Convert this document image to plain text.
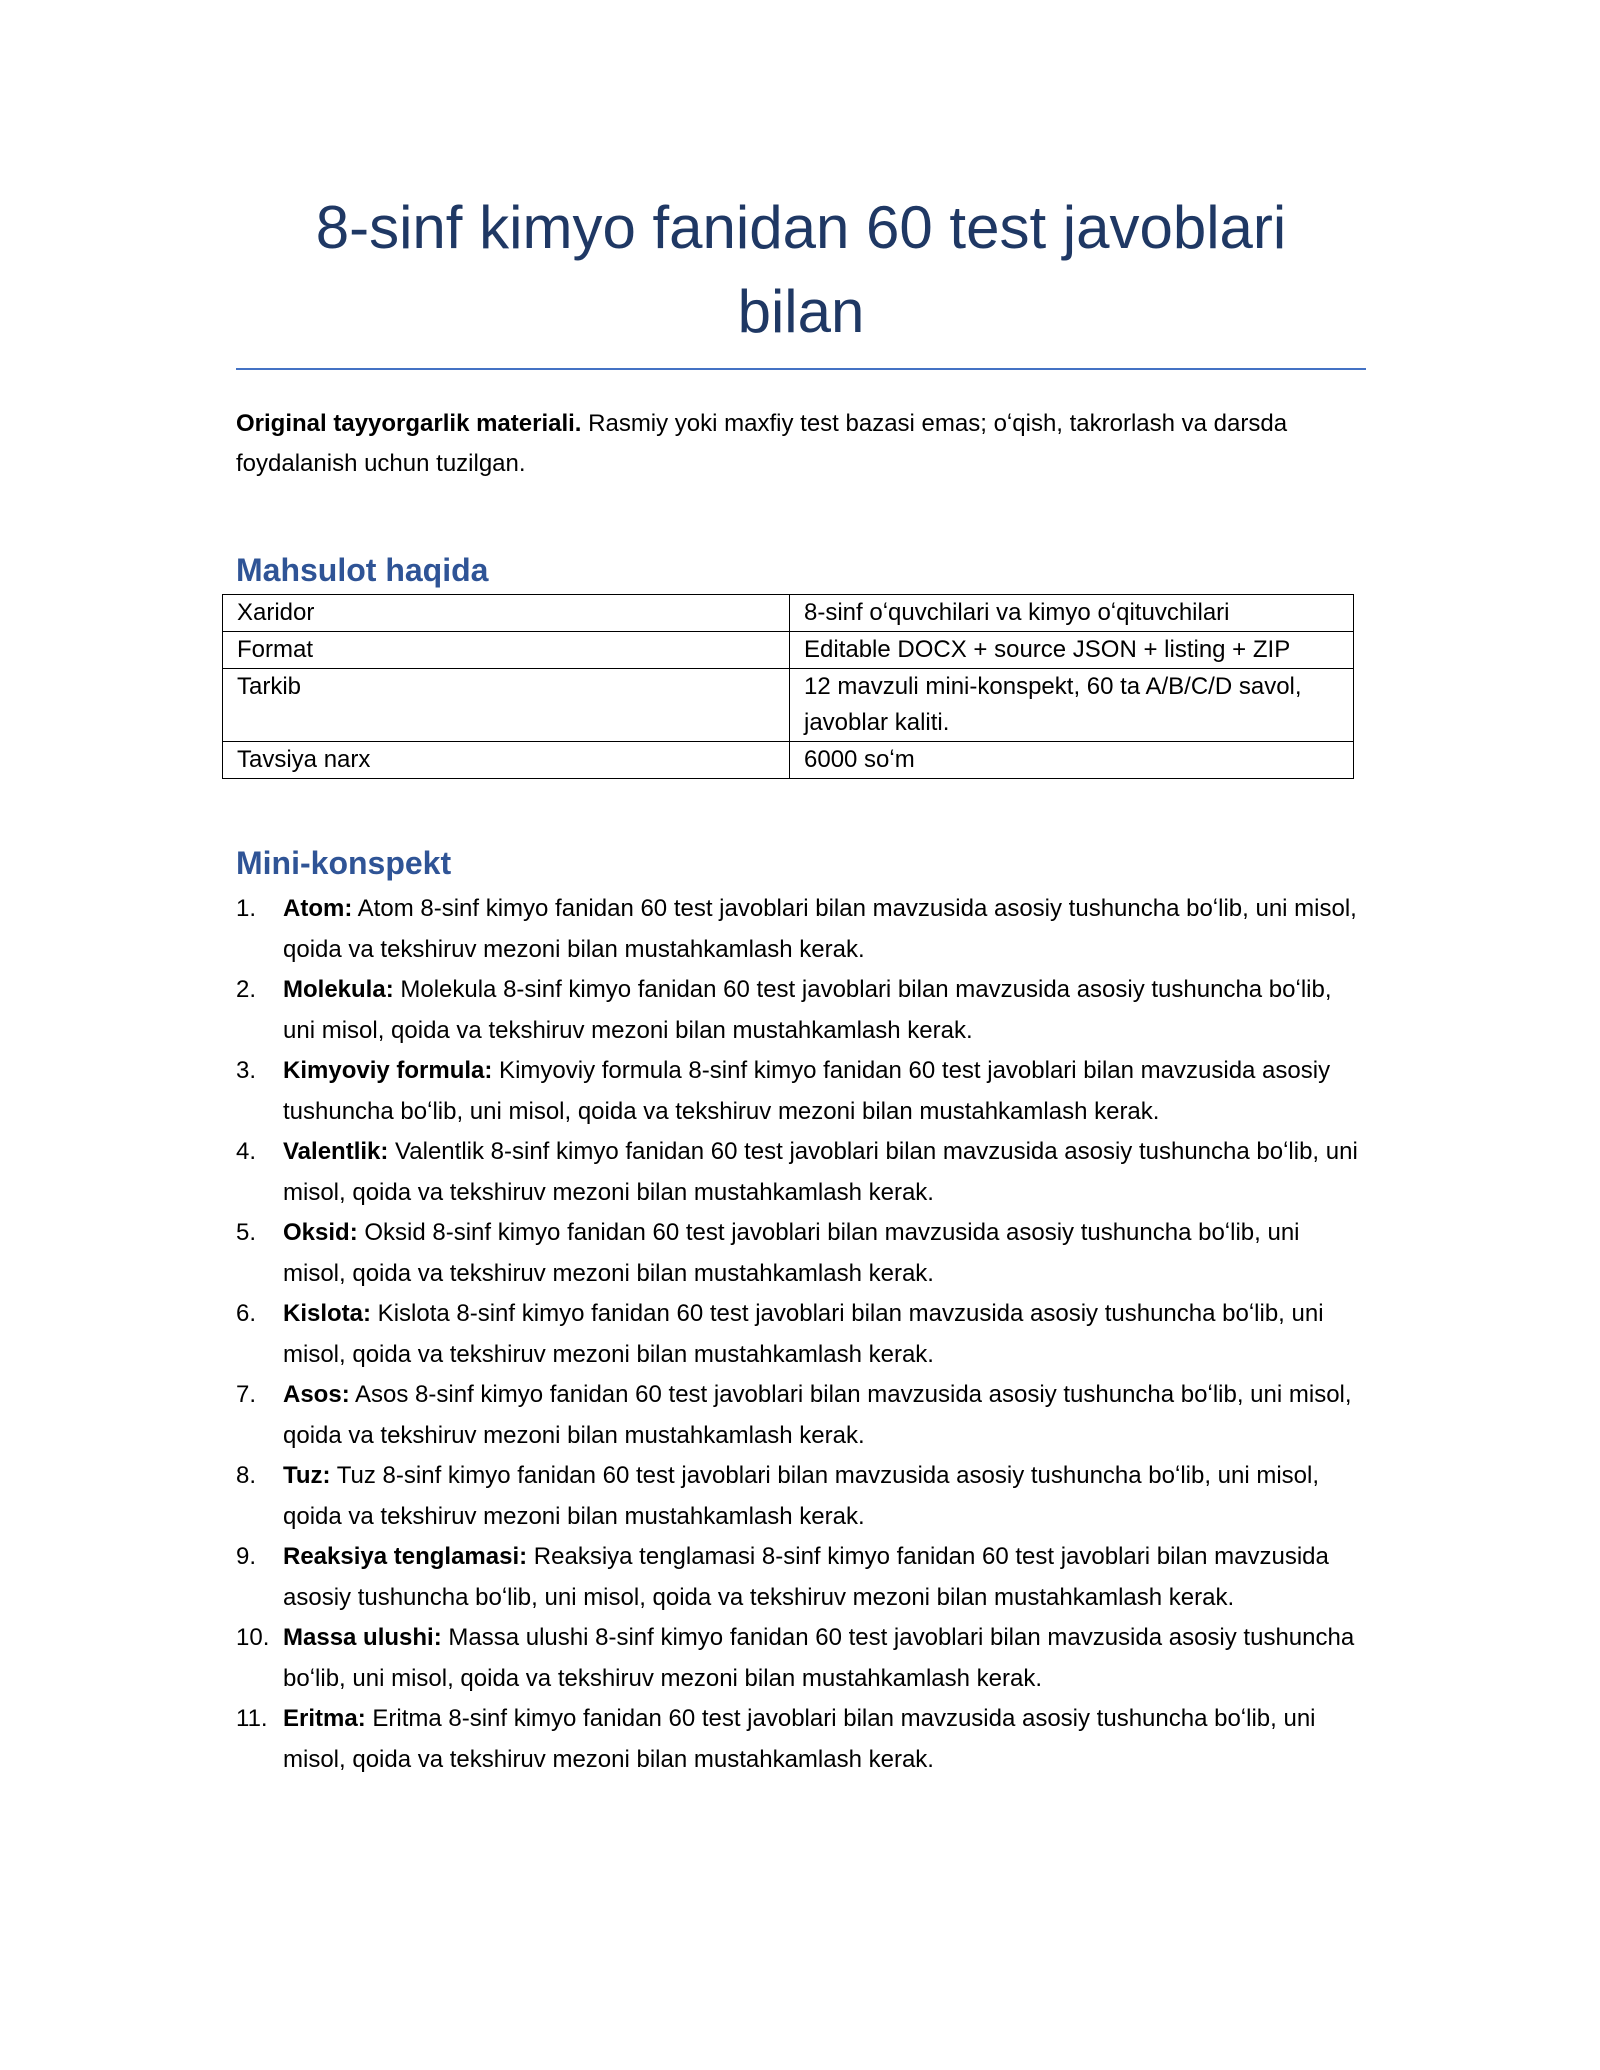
8-sinf kimyo fanidan 60 test javoblari bilan

Original tayyorgarlik materiali. Rasmiy yoki maxfiy test bazasi emas; oʻqish, takrorlash va darsda foydalanish uchun tuzilgan.

Mahsulot haqida
Xaridor	8-sinf oʻquvchilari va kimyo oʻqituvchilari
Format	Editable DOCX + source JSON + listing + ZIP
Tarkib	12 mavzuli mini-konspekt, 60 ta A/B/C/D savol, javoblar kaliti.
Tavsiya narx	6000 soʻm
Mini-konspekt
1. Atom: Atom 8-sinf kimyo fanidan 60 test javoblari bilan mavzusida asosiy tushuncha boʻlib, uni misol, qoida va tekshiruv mezoni bilan mustahkamlash kerak.
2. Molekula: Molekula 8-sinf kimyo fanidan 60 test javoblari bilan mavzusida asosiy tushuncha boʻlib, uni misol, qoida va tekshiruv mezoni bilan mustahkamlash kerak.
3. Kimyoviy formula: Kimyoviy formula 8-sinf kimyo fanidan 60 test javoblari bilan mavzusida asosiy tushuncha boʻlib, uni misol, qoida va tekshiruv mezoni bilan mustahkamlash kerak.
4. Valentlik: Valentlik 8-sinf kimyo fanidan 60 test javoblari bilan mavzusida asosiy tushuncha boʻlib, uni misol, qoida va tekshiruv mezoni bilan mustahkamlash kerak.
5. Oksid: Oksid 8-sinf kimyo fanidan 60 test javoblari bilan mavzusida asosiy tushuncha boʻlib, uni misol, qoida va tekshiruv mezoni bilan mustahkamlash kerak.
6. Kislota: Kislota 8-sinf kimyo fanidan 60 test javoblari bilan mavzusida asosiy tushuncha boʻlib, uni misol, qoida va tekshiruv mezoni bilan mustahkamlash kerak.
7. Asos: Asos 8-sinf kimyo fanidan 60 test javoblari bilan mavzusida asosiy tushuncha boʻlib, uni misol, qoida va tekshiruv mezoni bilan mustahkamlash kerak.
8. Tuz: Tuz 8-sinf kimyo fanidan 60 test javoblari bilan mavzusida asosiy tushuncha boʻlib, uni misol, qoida va tekshiruv mezoni bilan mustahkamlash kerak.
9. Reaksiya tenglamasi: Reaksiya tenglamasi 8-sinf kimyo fanidan 60 test javoblari bilan mavzusida asosiy tushuncha boʻlib, uni misol, qoida va tekshiruv mezoni bilan mustahkamlash kerak.
10. Massa ulushi: Massa ulushi 8-sinf kimyo fanidan 60 test javoblari bilan mavzusida asosiy tushuncha boʻlib, uni misol, qoida va tekshiruv mezoni bilan mustahkamlash kerak.
11. Eritma: Eritma 8-sinf kimyo fanidan 60 test javoblari bilan mavzusida asosiy tushuncha boʻlib, uni misol, qoida va tekshiruv mezoni bilan mustahkamlash kerak.
